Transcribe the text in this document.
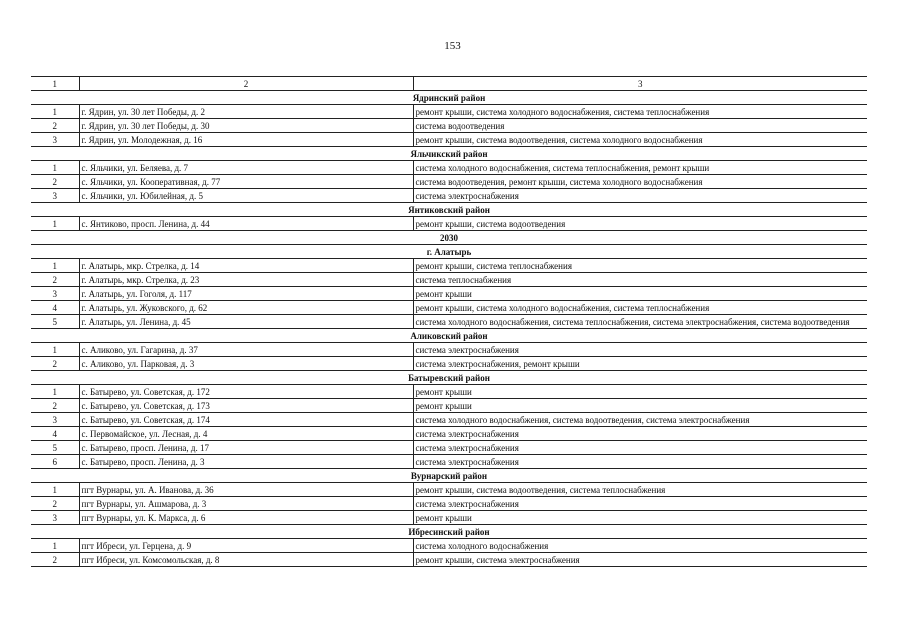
153
1	2	3
Ядринский район		
1	г. Ядрин, ул. 30 лет Победы, д. 2	ремонт крыши, система холодного водоснабжения, система теплоснабжения
2	г. Ядрин, ул. 30 лет Победы, д. 30	система водоотведения
3	г. Ядрин, ул. Молодежная, д. 16	ремонт крыши, система водоотведения, система холодного водоснабжения
Яльчикский район		
1	с. Яльчики, ул. Беляева, д. 7	система холодного водоснабжения, система теплоснабжения, ремонт крыши
2	с. Яльчики, ул. Кооперативная, д. 77	система водоотведения, ремонт крыши, система холодного водоснабжения
3	с. Яльчики, ул. Юбилейная, д. 5	система электроснабжения
Янтиковский район		
1	с. Янтиково, просп. Ленина, д. 44	ремонт крыши, система водоотведения
2030		
г. Алатырь		
1	г. Алатырь, мкр. Стрелка, д. 14	ремонт крыши, система теплоснабжения
2	г. Алатырь, мкр. Стрелка, д. 23	система теплоснабжения
3	г. Алатырь, ул. Гоголя, д. 117	ремонт крыши
4	г. Алатырь, ул. Жуковского, д. 62	ремонт крыши, система холодного водоснабжения, система теплоснабжения
5	г. Алатырь, ул. Ленина, д. 45	система холодного водоснабжения, система теплоснабжения, система электроснабжения, система водоотведения
Аликовский район		
1	с. Аликово, ул. Гагарина, д. 37	система электроснабжения
2	с. Аликово, ул. Парковая, д. 3	система электроснабжения, ремонт крыши
Батыревский район		
1	с. Батырево, ул. Советская, д. 172	ремонт крыши
2	с. Батырево, ул. Советская, д. 173	ремонт крыши
3	с. Батырево, ул. Советская, д. 174	система холодного водоснабжения, система водоотведения, система электроснабжения
4	с. Первомайское, ул. Лесная, д. 4	система электроснабжения
5	с. Батырево, просп. Ленина, д. 17	система электроснабжения
6	с. Батырево, просп. Ленина, д. 3	система электроснабжения
Вурнарский район		
1	пгт Вурнары, ул. А. Иванова, д. 36	ремонт крыши, система водоотведения, система теплоснабжения
2	пгт Вурнары, ул. Ашмарова, д. 3	система электроснабжения
3	пгт Вурнары, ул. К. Маркса, д. 6	ремонт крыши
Ибресинский район		
1	пгт Ибреси, ул. Герцена, д. 9	система холодного водоснабжения
2	пгт Ибреси, ул. Комсомольская, д. 8	ремонт крыши, система электроснабжения
